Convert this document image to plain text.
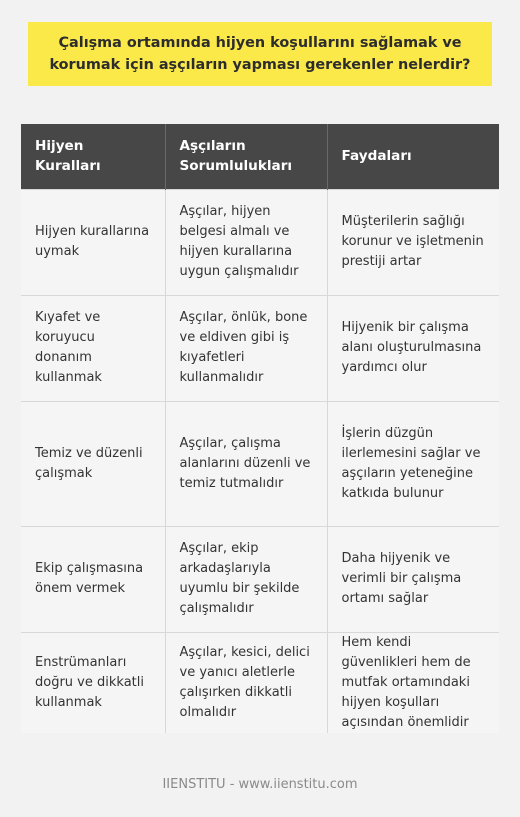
Çalışma ortamında hijyen koşullarını sağlamak ve korumak için aşçıların yapması gerekenler nelerdir?
Hijyen Kuralları	Aşçıların Sorumlulukları	Faydaları
Hijyen kurallarına uymak	Aşçılar, hijyen belgesi almalı ve hijyen kurallarına uygun çalışmalıdır	Müşterilerin sağlığı korunur ve işletmenin prestiji artar
Kıyafet ve koruyucu donanım kullanmak	Aşçılar, önlük, bone ve eldiven gibi iş kıyafetleri kullanmalıdır	Hijyenik bir çalışma alanı oluşturulmasına yardımcı olur
Temiz ve düzenli çalışmak	Aşçılar, çalışma alanlarını düzenli ve temiz tutmalıdır	İşlerin düzgün ilerlemesini sağlar ve aşçıların yeteneğine katkıda bulunur
Ekip çalışmasına önem vermek	Aşçılar, ekip arkadaşlarıyla uyumlu bir şekilde çalışmalıdır	Daha hijyenik ve verimli bir çalışma ortamı sağlar
Enstrümanları doğru ve dikkatli kullanmak	Aşçılar, kesici, delici ve yanıcı aletlerle çalışırken dikkatli olmalıdır	Hem kendi güvenlikleri hem de mutfak ortamındaki hijyen koşulları açısından önemlidir
IIENSTITU - www.iienstitu.com
